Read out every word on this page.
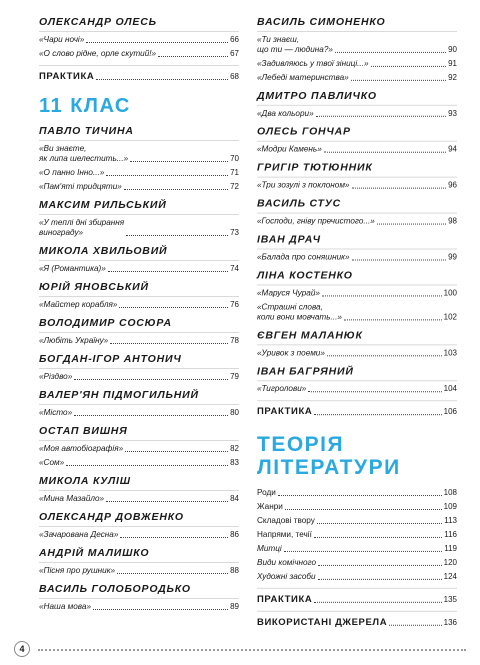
ОЛЕКСАНДР ОЛЕСЬ
«Чари ночі»	66
«О слово рідне, орле скутий!»	67
ПРАКТИКА	68
11 КЛАС
ПАВЛО ТИЧИНА
«Ви знаєте,
як липа шелестить...»	70
«О панно Інно...»	71
«Пам'яті тридцяти»	72
МАКСИМ РИЛЬСЬКИЙ
«У теплі дні збирання
винограду»	73
МИКОЛА ХВИЛЬОВИЙ
«Я (Романтика)»	74
ЮРІЙ ЯНОВСЬКИЙ
«Майстер корабля»	76
ВОЛОДИМИР СОСЮРА
«Любіть Україну»	78
БОГДАН-ІГОР АНТОНИЧ
«Різдво»	79
ВАЛЕР'ЯН ПІДМОГИЛЬНИЙ
«Місто»	80
ОСТАП ВИШНЯ
«Моя автобіографія»	82
«Сом»	83
МИКОЛА КУЛІШ
«Мина Мазайло»	84
ОЛЕКСАНДР ДОВЖЕНКО
«Зачарована Десна»	86
АНДРІЙ МАЛИШКО
«Пісня про рушник»	88
ВАСИЛЬ ГОЛОБОРОДЬКО
«Наша мова»	89
ВАСИЛЬ СИМОНЕНКО
«Ти знаєш,
що ти — людина?»	90
«Задивляюсь у твої зіниці...»	91
«Лебеді материнства»	92
ДМИТРО ПАВЛИЧКО
«Два кольори»	93
ОЛЕСЬ ГОНЧАР
«Модри Камень»	94
ГРИГІР ТЮТЮННИК
«Три зозулі з поклоном»	96
ВАСИЛЬ СТУС
«Господи, гніву пречистого...»	98
ІВАН ДРАЧ
«Балада про соняшник»	99
ЛІНА КОСТЕНКО
«Маруся Чурай»	100
«Страшні слова,
коли вони мовчать...»	102
ЄВГЕН МАЛАНЮК
«Уривок з поеми»	103
ІВАН БАГРЯНИЙ
«Тигролови»	104
ПРАКТИКА	106
ТЕОРІЯ
ЛІТЕРАТУРИ
Роди	108
Жанри	109
Складові твору	113
Напрями, течії	116
Митці	119
Види комічного	120
Художні засоби	124
ПРАКТИКА	135
ВИКОРИСТАНІ ДЖЕРЕЛА	136
4
